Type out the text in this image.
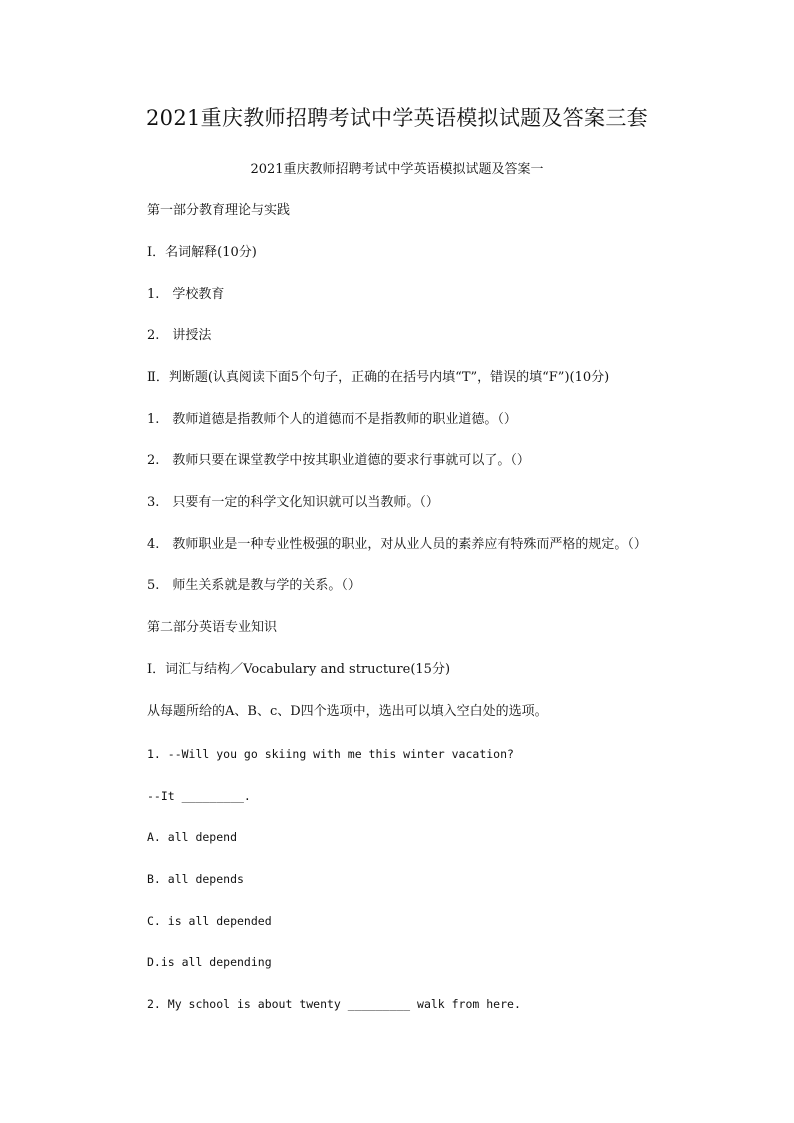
2021重庆教师招聘考试中学英语模拟试题及答案三套
2021重庆教师招聘考试中学英语模拟试题及答案一
第一部分教育理论与实践
Ⅰ．名词解释(10分)
1.　学校教育
2.　讲授法
Ⅱ．判断题(认真阅读下面5个句子，正确的在括号内填“T”，错误的填“F”)(10分)
1.　教师道德是指教师个人的道德而不是指教师的职业道德。（）
2.　教师只要在课堂教学中按其职业道德的要求行事就可以了。（）
3.　只要有一定的科学文化知识就可以当教师。（）
4.　教师职业是一种专业性极强的职业，对从业人员的素养应有特殊而严格的规定。（）
5.　师生关系就是教与学的关系。（）
第二部分英语专业知识
Ⅰ．词汇与结构／Vocabulary and structure(15分)
从每题所给的A、B、c、D四个选项中，选出可以填入空白处的选项。
1. --Will you go skiing with me this winter vacation?
--It _________.
A. all depend
B. all depends
C. is all depended
D.is all depending
2. My school is about twenty _________ walk from here.
